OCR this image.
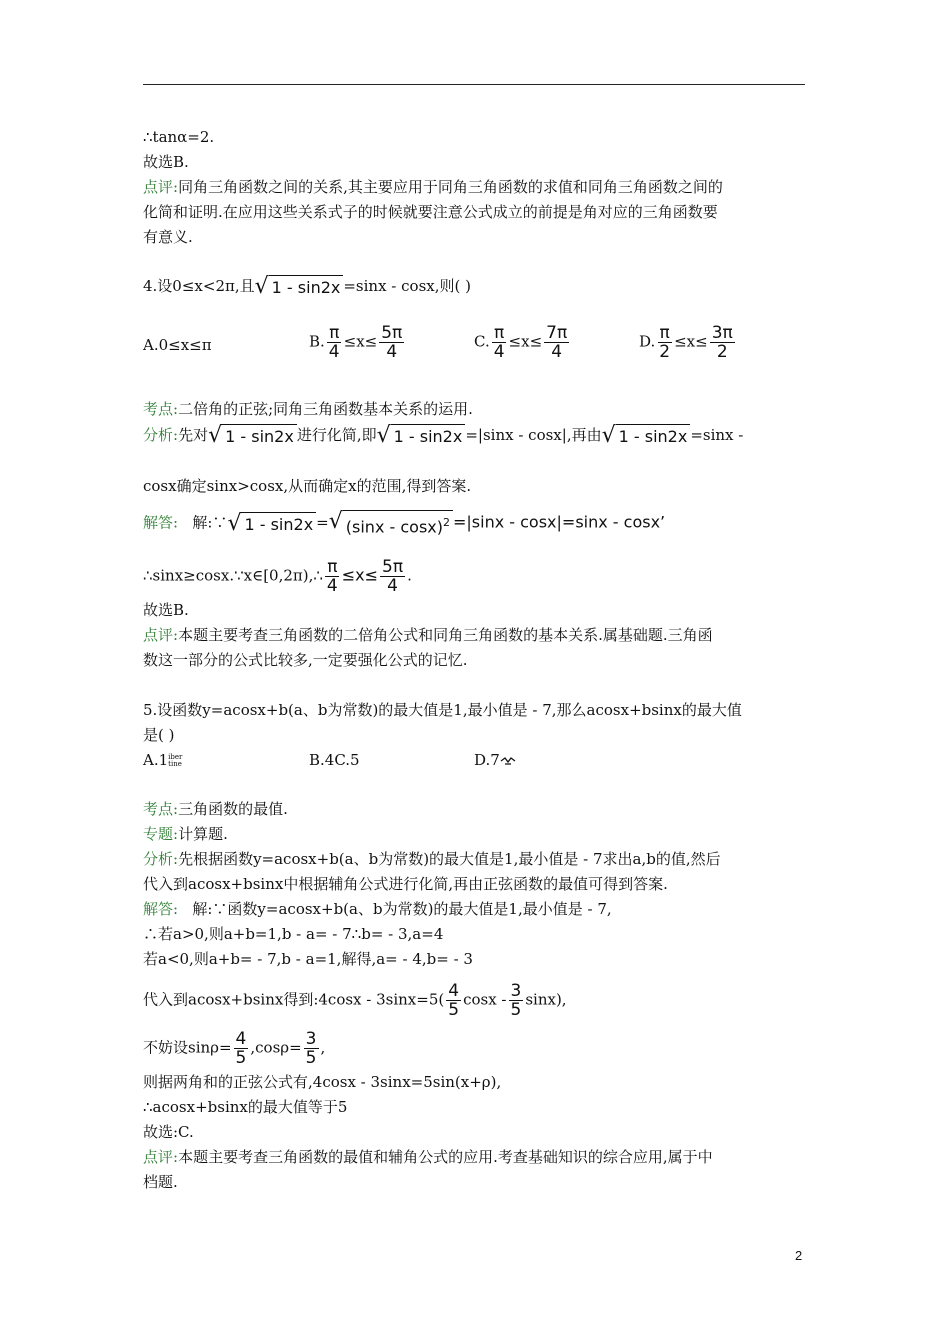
∴tanα=2.
故选B.
点评:同角三角函数之间的关系,其主要应用于同角三角函数的求值和同角三角函数之间的
化简和证明.在应用这些关系式子的时候就要注意公式成立的前提是角对应的三角函数要
有意义.
4.设0≤x<2π,且 √ 1 - sin2x =sinx - cosx,则( )
A.0≤x≤π	B. $\frac{\pi}{4} \le x\le \frac{5\pi}{4}$	C. $\frac{\pi}{4} \le x\le \frac{7\pi}{4}$	D. $\frac{\pi}{2} \le x\le \frac{3\pi}{2}$
考点:二倍角的正弦;同角三角函数基本关系的运用.
分析:先对 √ 1 - sin2x 进行化简,即 √ 1 - sin2x =|sinx - cosx|,再由 √ 1 - sin2x =sinx -
cosx确定sinx>cosx,从而确定x的范围,得到答案.
解答: 解:∵ √ 1 - sin2x = √ (sinx - cosx)$^2$ =|sinx - cosx|=sinx - cosx’
∴sinx≥cosx.∵x∈[0,2π),∴ $\frac{\pi}{4} \le x\le \frac{5\pi}{4}$ .
故选B.
点评:本题主要考查三角函数的二倍角公式和同角三角函数的基本关系.属基础题.三角函
数这一部分的公式比较多,一定要强化公式的记忆.
5.设函数y=acosx+b(a、b为常数)的最大值是1,最小值是 - 7,那么acosx+bsinx的最大值
是( )
A.1iber
tine	B.4C.5	D.7
考点:三角函数的最值.
专题:计算题.
分析:先根据函数y=acosx+b(a、b为常数)的最大值是1,最小值是 - 7求出a,b的值,然后
代入到acosx+bsinx中根据辅角公式进行化简,再由正弦函数的最值可得到答案.
解答: 解:∵函数y=acosx+b(a、b为常数)的最大值是1,最小值是 - 7,
∴若a>0,则a+b=1,b - a= - 7∴b= - 3,a=4
若a<0,则a+b= - 7,b - a=1,解得,a= - 4,b= - 3
代入到acosx+bsinx得到:4cosx - $3\sin x=5( \frac{4}{5}$ cosx - $\frac{3}{5} \sin x$),
不妨设$\sin\rho= \frac{4}{5} ,\cos\rho= \frac{3}{5}$ ,
则据两角和的正弦公式有,4cosx - 3sinx=5sin(x+ρ),
∴acosx+bsinx的最大值等于5
故选:C.
点评:本题主要考查三角函数的最值和辅角公式的应用.考查基础知识的综合应用,属于中
档题.
2
